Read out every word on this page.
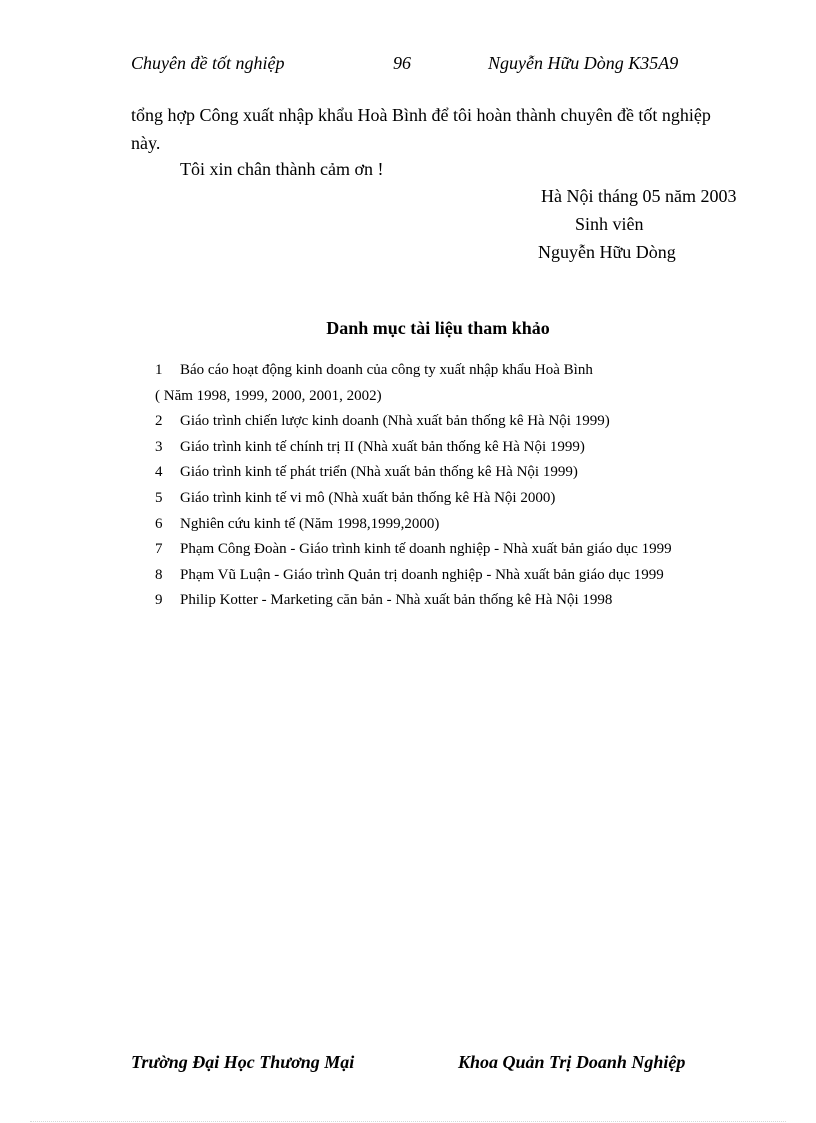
Chuyên đề tốt nghiệp	96	Nguyễn Hữu Dòng K35A9
tổng hợp Công xuất nhập khẩu Hoà Bình để tôi hoàn thành chuyên đề tốt nghiệp
này.
Tôi xin chân thành cảm ơn !
Hà Nội tháng 05 năm 2003
Sinh viên
Nguyễn Hữu Dòng
Danh mục tài liệu tham khảo
1 Báo cáo hoạt động kinh doanh của công ty xuất nhập khẩu Hoà Bình
( Năm 1998, 1999, 2000, 2001, 2002)
2 Giáo trình chiến lược kinh doanh (Nhà xuất bản thống kê Hà Nội 1999)
3 Giáo trình kinh tế chính trị II (Nhà xuất bản thống kê Hà Nội 1999)
4 Giáo trình kinh tế phát triển (Nhà xuất bản thống kê Hà Nội 1999)
5 Giáo trình kinh tế vi mô (Nhà xuất bản thống kê Hà Nội 2000)
6 Nghiên cứu kinh tế (Năm 1998,1999,2000)
7 Phạm Công Đoàn - Giáo trình kinh tế doanh nghiệp - Nhà xuất bản giáo dục 1999
8 Phạm Vũ Luận - Giáo trình Quản trị doanh nghiệp - Nhà xuất bản giáo dục 1999
9 Philip Kotter - Marketing căn bản - Nhà xuất bản thống kê Hà Nội 1998
Trường Đại Học Thương Mại	Khoa Quản Trị Doanh Nghiệp
